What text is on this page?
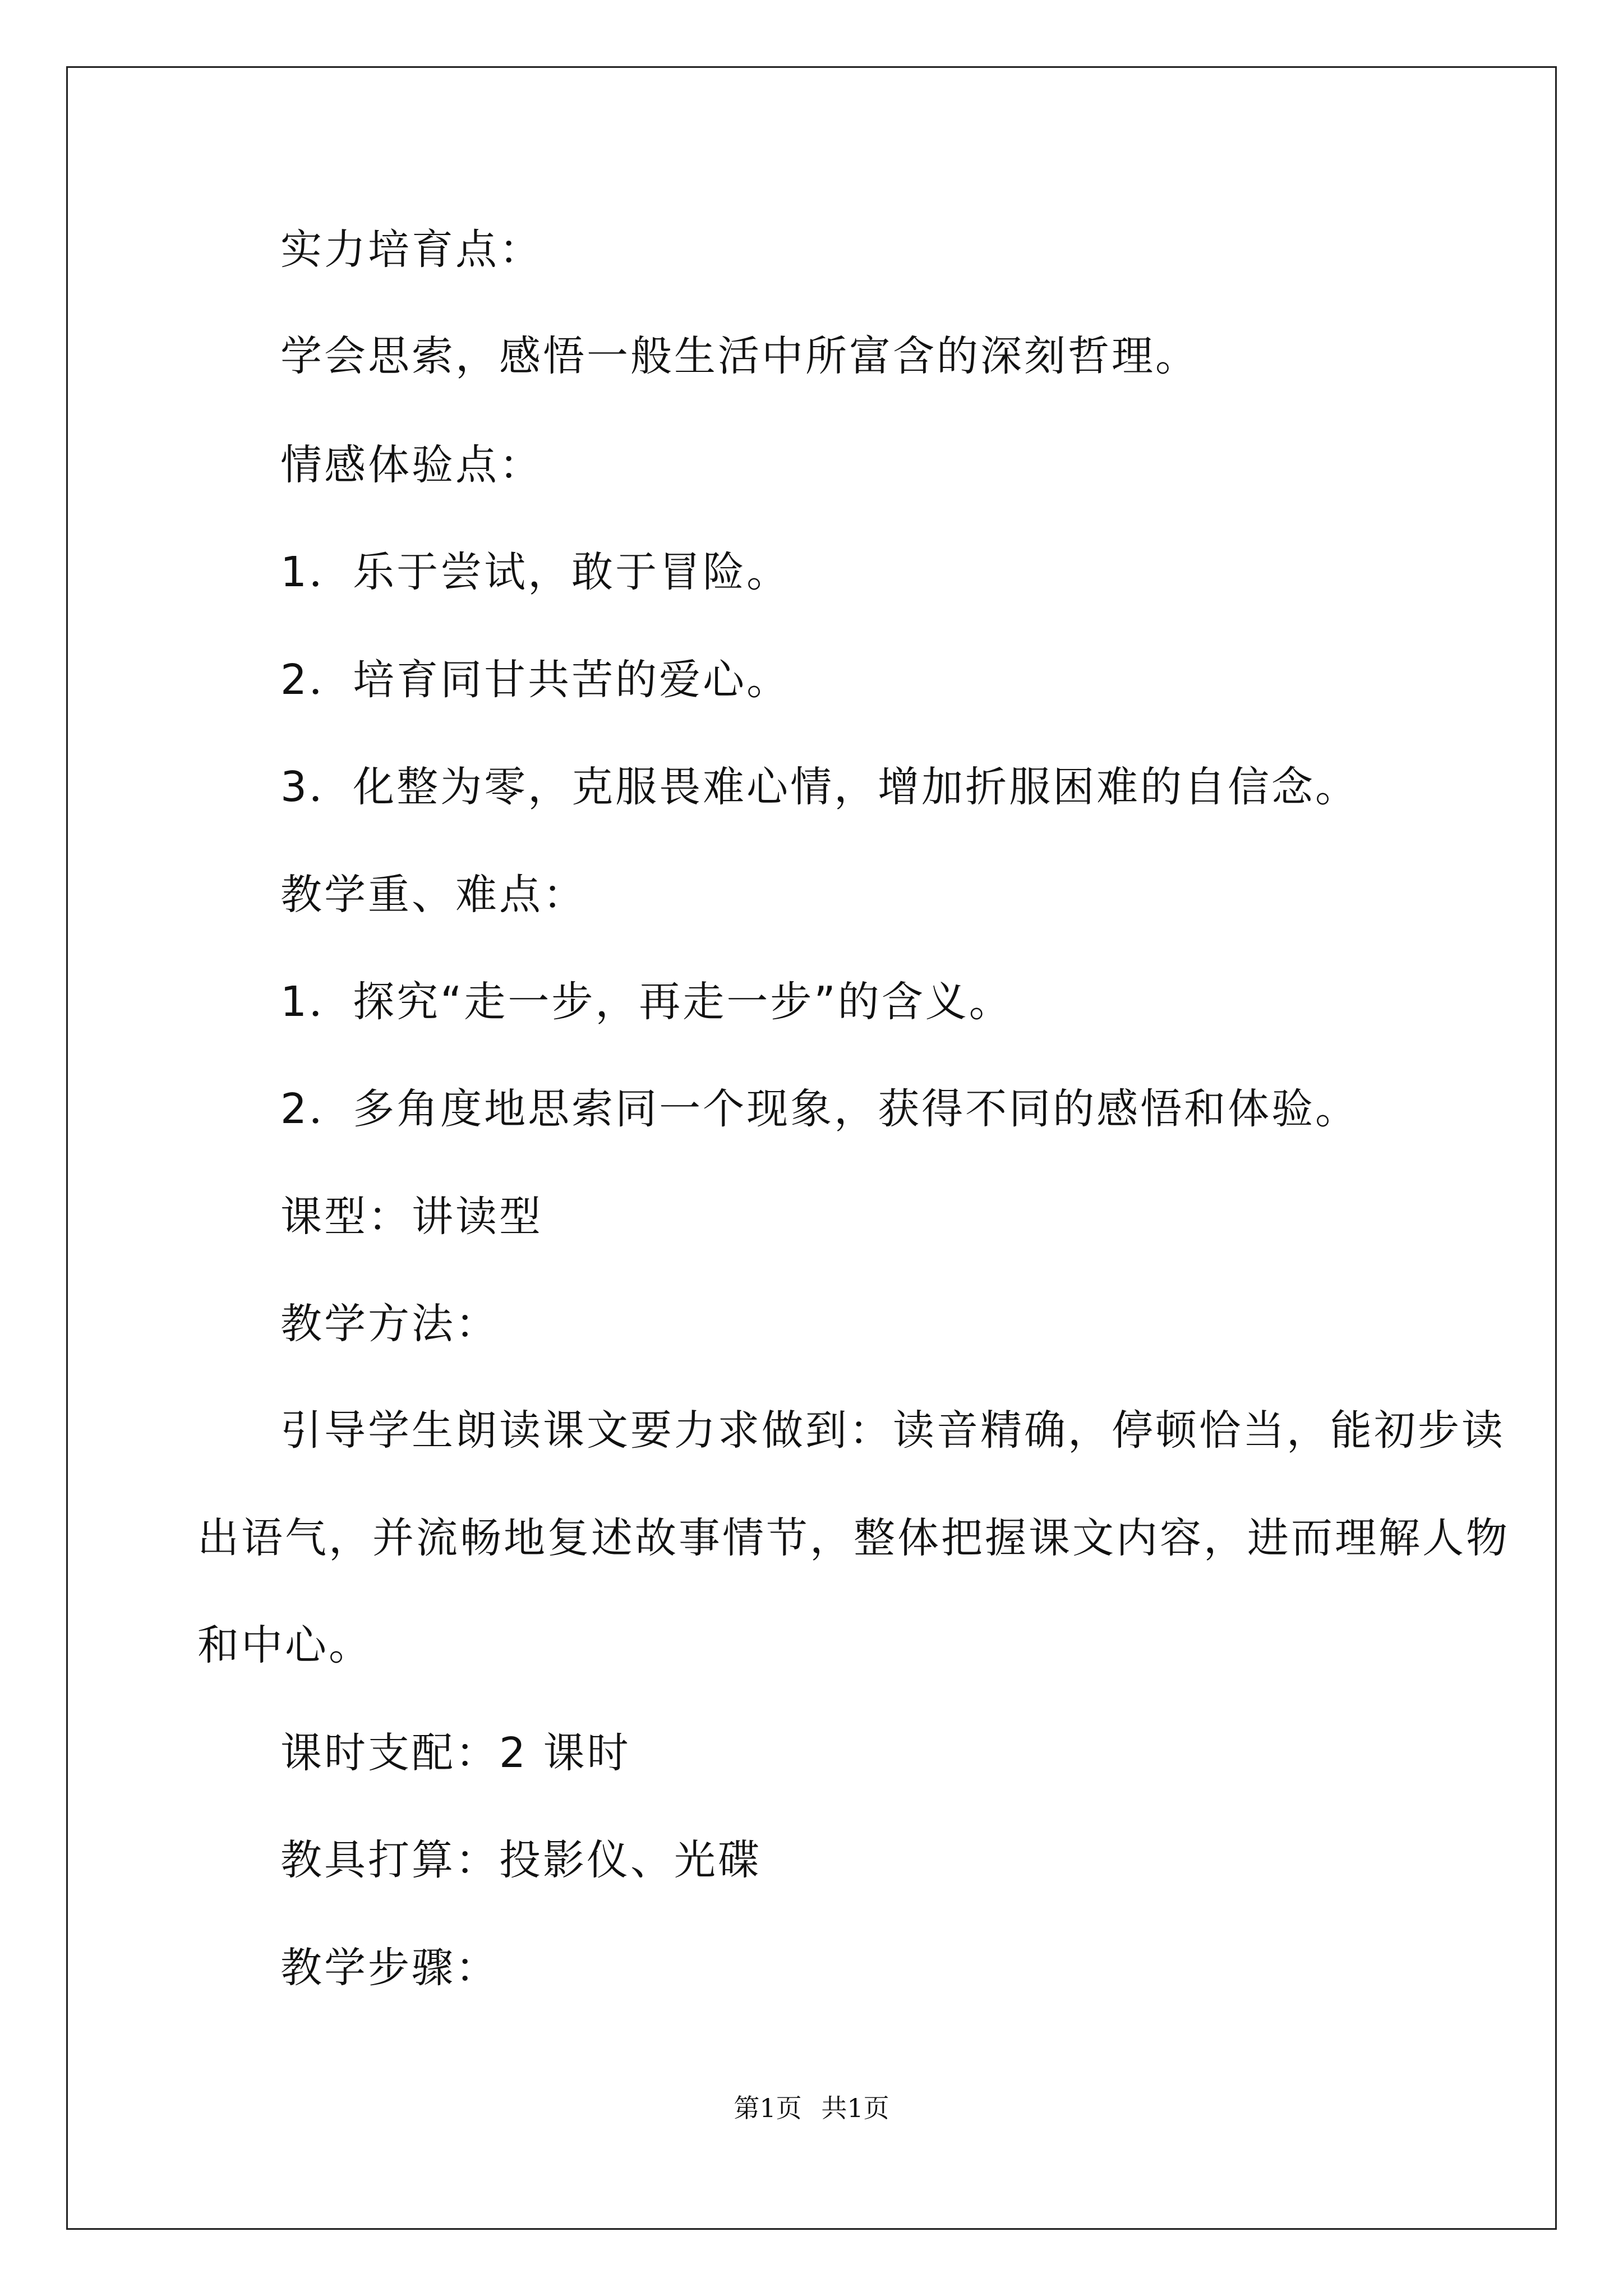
实力培育点：
学会思索，感悟一般生活中所富含的深刻哲理。
情感体验点：
1．乐于尝试，敢于冒险。
2．培育同甘共苦的爱心。
3．化整为零，克服畏难心情，增加折服困难的自信念。
教学重、难点：
1．探究“走一步，再走一步”的含义。
2．多角度地思索同一个现象，获得不同的感悟和体验。
课型：讲读型
教学方法：
引导学生朗读课文要力求做到：读音精确，停顿恰当，能初步读
出语气，并流畅地复述故事情节，整体把握课文内容，进而理解人物
和中心。
课时支配：2 课时
教具打算：投影仪、光碟
教学步骤：
第1页 共1页
